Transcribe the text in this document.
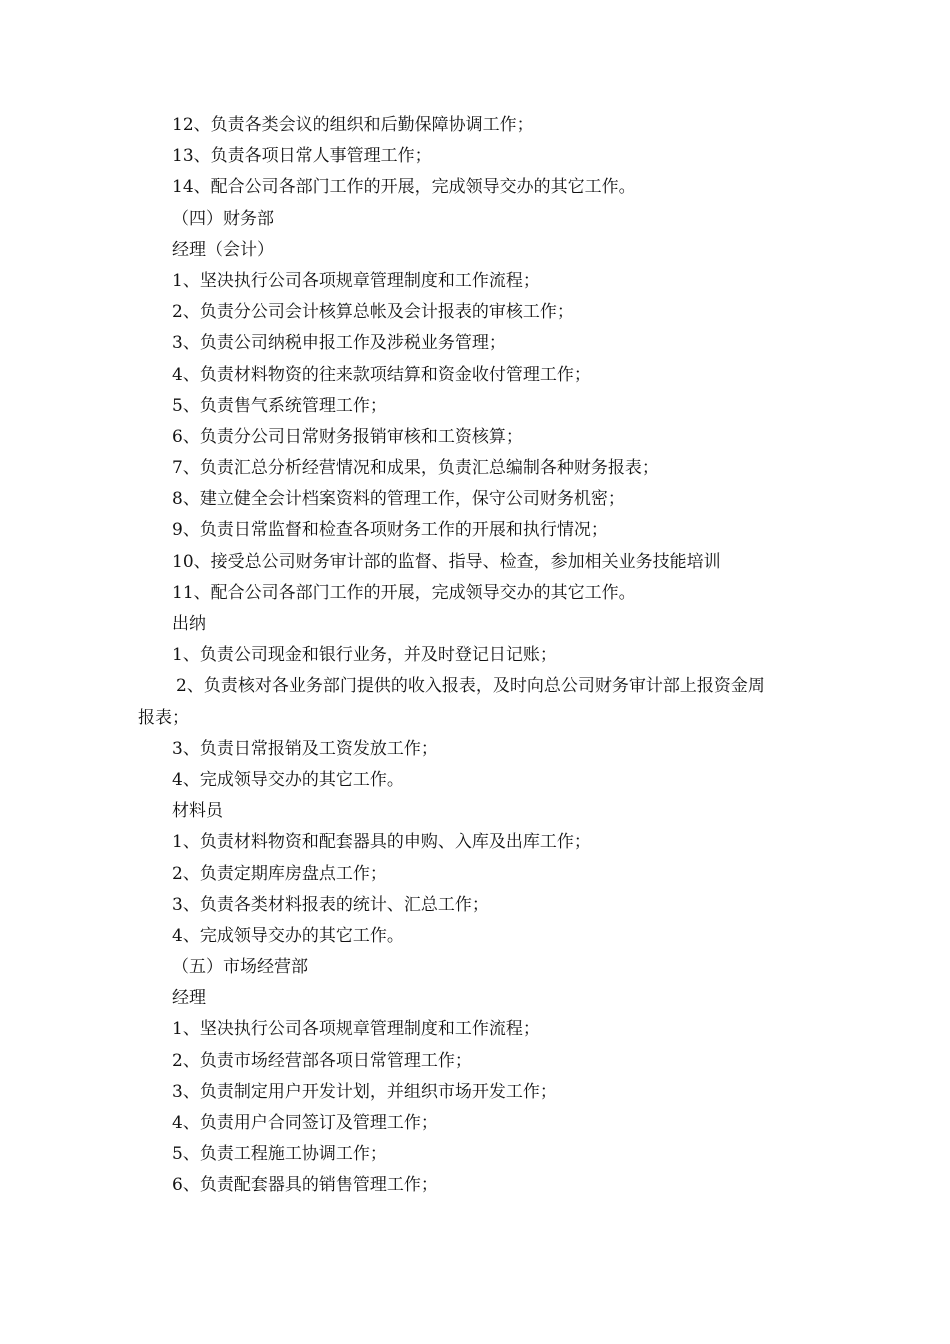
12、负责各类会议的组织和后勤保障协调工作；
13、负责各项日常人事管理工作；
14、配合公司各部门工作的开展，完成领导交办的其它工作。
（四）财务部
经理（会计）
1、坚决执行公司各项规章管理制度和工作流程；
2、负责分公司会计核算总帐及会计报表的审核工作；
3、负责公司纳税申报工作及涉税业务管理；
4、负责材料物资的往来款项结算和资金收付管理工作；
5、负责售气系统管理工作；
6、负责分公司日常财务报销审核和工资核算；
7、负责汇总分析经营情况和成果，负责汇总编制各种财务报表；
8、建立健全会计档案资料的管理工作，保守公司财务机密；
9、负责日常监督和检查各项财务工作的开展和执行情况；
10、接受总公司财务审计部的监督、指导、检查，参加相关业务技能培训
11、配合公司各部门工作的开展，完成领导交办的其它工作。
出纳
1、负责公司现金和银行业务，并及时登记日记账；
2、负责核对各业务部门提供的收入报表，及时向总公司财务审计部上报资金周
报表；
3、负责日常报销及工资发放工作；
4、完成领导交办的其它工作。
材料员
1、负责材料物资和配套器具的申购、入库及出库工作；
2、负责定期库房盘点工作；
3、负责各类材料报表的统计、汇总工作；
4、完成领导交办的其它工作。
（五）市场经营部
经理
1、坚决执行公司各项规章管理制度和工作流程；
2、负责市场经营部各项日常管理工作；
3、负责制定用户开发计划，并组织市场开发工作；
4、负责用户合同签订及管理工作；
5、负责工程施工协调工作；
6、负责配套器具的销售管理工作；
